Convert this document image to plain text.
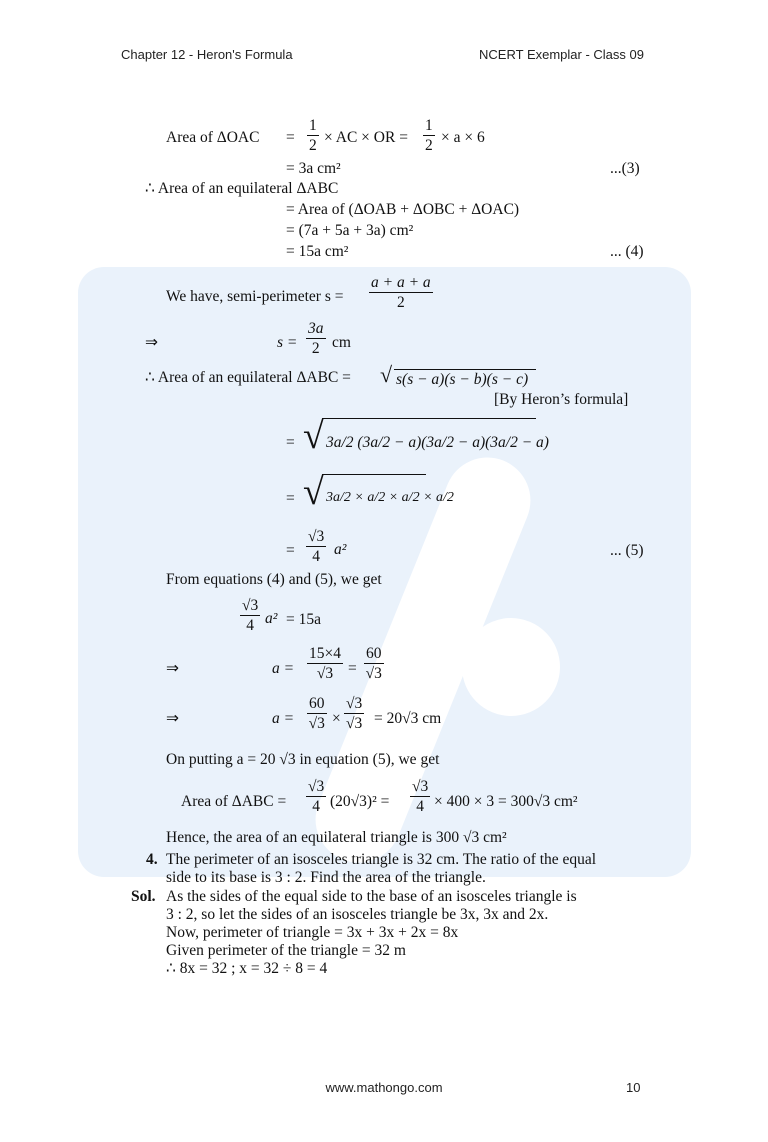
Chapter 12 - Heron's Formula	NCERT Exemplar - Class 09
Area of $\Delta OAC = \frac{1}{2}$ × AC × OR = $\frac{1}{2} \times a \times 6$
= 3a cm²	...(3)
∴ Area of an equilateral ΔABC
= Area of (ΔOAB + ΔOBC + ΔOAC)
= (7a + 5a + 3a) cm²
= 15a cm²	... (4)
We have, semi-perimeter $s = \frac{a + a + a}{2}$
⇒	$s = \frac{3a}{2}$ cm
∴ Area of an equilateral ΔABC = √ s(s − a)(s − b)(s − c)
[By Heron’s formula]
= √ 3a/2 (3a/2 − a)(3a/2 − a)(3a/2 − a)
= √ 3a/2 × a/2 × a/2 × a/2
= $\frac{√3}{4} a^2$	... (5)
From equations (4) and (5), we get
$\frac{√3}{4} a^2 = 15a$
⇒	$a = \frac{15\times 4}{√3} = \frac{60}{√3}$
⇒	$a = \frac{60}{√3} \times \frac{√3}{√3} = 20√3$ cm
On putting a = 20 √3 in equation (5), we get
Area of $\Delta ABC = \frac{√3}{4} (20√3)^2 = \frac{√3}{4} \times 400 \times 3 = 300√3$ cm²
Hence, the area of an equilateral triangle is 300 √3 cm²
4. The perimeter of an isosceles triangle is 32 cm. The ratio of the equal
side to its base is 3 : 2. Find the area of the triangle.
Sol. As the sides of the equal side to the base of an isosceles triangle is
3 : 2, so let the sides of an isosceles triangle be 3x, 3x and 2x.
Now, perimeter of triangle = 3x + 3x + 2x = 8x
Given perimeter of the triangle = 32 m
∴ 8x = 32 ; x = 32 ÷ 8 = 4
www.mathongo.com	10
